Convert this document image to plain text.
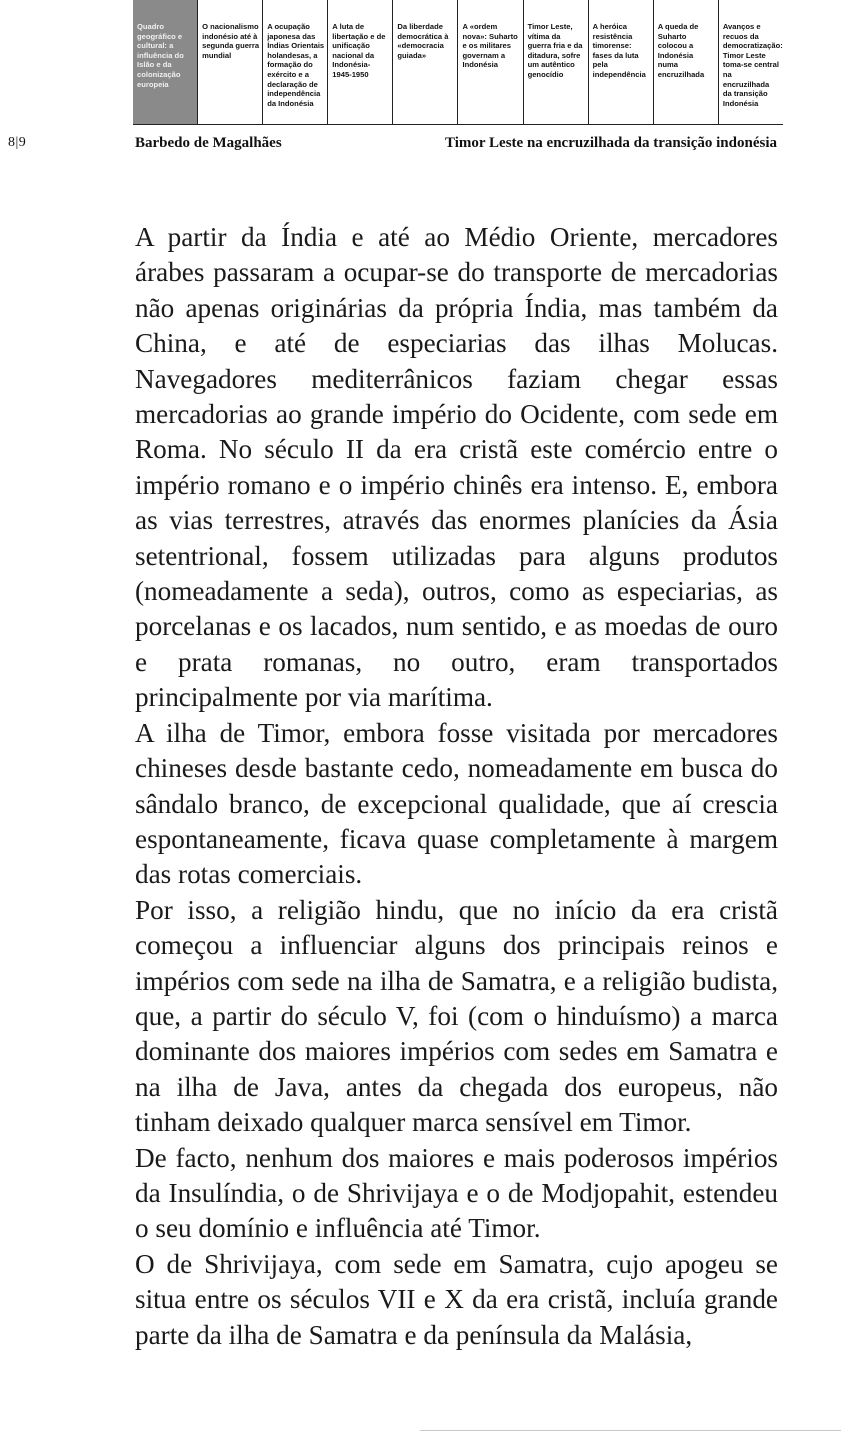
Quadro geográfico e cultural: a influência do Islão e da colonização europeia
O nacionalismo indonésio até à segunda guerra mundial
A ocupação japonesa das Índias Orientais holandesas, a formação do exército e a declaração de independência da Indonésia
A luta de libertação e de unificação nacional da Indonésia-1945-1950
Da liberdade democrática à «democracia guiada»
A «ordem nova»: Suharto e os militares governam a Indonésia
Timor Leste, vítima da guerra fria e da ditadura, sofre um autêntico genocídio
A heróica resistência timorense: fases da luta pela independência
A queda de Suharto colocou a Indonésia numa encruzilhada
Avanços e recuos da democratização: Timor Leste toma-se central na encruzilhada da transição Indonésia
8|9	Barbedo de Magalhães	Timor Leste na encruzilhada da transição indonésia

A partir da Índia e até ao Médio Oriente, mercadores árabes passaram a ocupar-se do transporte de mercadorias não apenas originárias da própria Índia, mas também da China, e até de especiarias das ilhas Molucas. Navegadores mediterrânicos faziam chegar essas mercadorias ao grande império do Ocidente, com sede em Roma. No século II da era cristã este comércio entre o império romano e o império chinês era intenso. E, embora as vias terrestres, através das enormes planícies da Ásia setentrional, fossem utilizadas para alguns produtos (nomeadamente a seda), outros, como as especiarias, as porcelanas e os lacados, num sentido, e as moedas de ouro e prata romanas, no outro, eram transportados principalmente por via marítima.

A ilha de Timor, embora fosse visitada por mercadores chineses desde bastante cedo, nomeadamente em busca do sândalo branco, de excepcional qualidade, que aí crescia espontaneamente, ficava quase completamente à margem das rotas comerciais.

Por isso, a religião hindu, que no início da era cristã começou a influenciar alguns dos principais reinos e impérios com sede na ilha de Samatra, e a religião budista, que, a partir do século V, foi (com o hinduísmo) a marca dominante dos maiores impérios com sedes em Samatra e na ilha de Java, antes da chegada dos europeus, não tinham deixado qualquer marca sensível em Timor.

De facto, nenhum dos maiores e mais poderosos impérios da Insulíndia, o de Shrivijaya e o de Modjopahit, estendeu o seu domínio e influência até Timor.

O de Shrivijaya, com sede em Samatra, cujo apogeu se situa entre os séculos VII e X da era cristã, incluía grande parte da ilha de Samatra e da península da Malásia,
